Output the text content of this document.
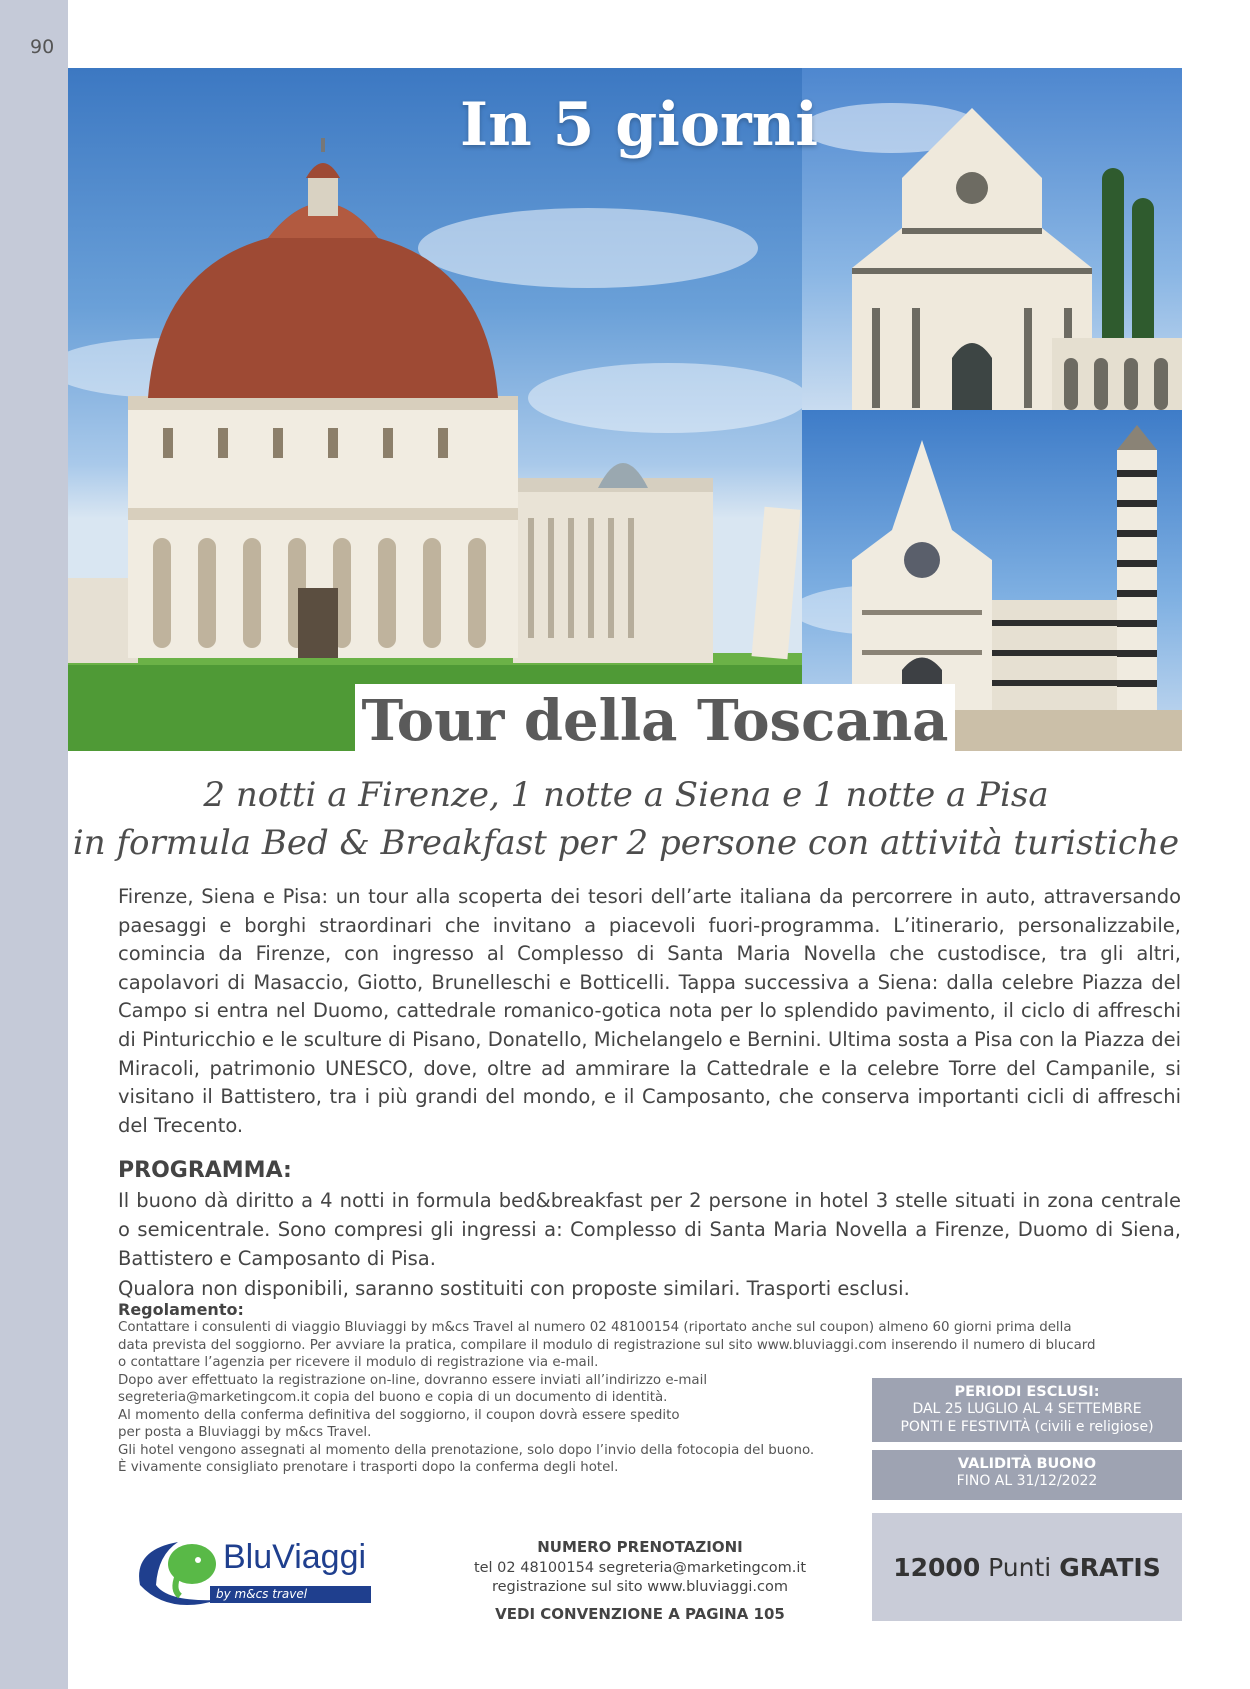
90
In 5 giorni
Tour della Toscana
2 notti a Firenze, 1 notte a Siena e 1 notte a Pisa
in formula Bed & Breakfast per 2 persone con attività turistiche
Firenze, Siena e Pisa: un tour alla scoperta dei tesori dell’arte italiana da percorrere in auto, attraversando paesaggi e borghi straordinari che invitano a piacevoli fuori-programma. L’itinerario, personalizzabile, comincia da Firenze, con ingresso al Complesso di Santa Maria Novella che custodisce, tra gli altri, capolavori di Masaccio, Giotto, Brunelleschi e Botticelli. Tappa successiva a Siena: dalla celebre Piazza del Campo si entra nel Duomo, cattedrale romanico-gotica nota per lo splendido pavimento, il ciclo di affreschi di Pinturicchio e le sculture di Pisano, Donatello, Michelangelo e Bernini. Ultima sosta a Pisa con la Piazza dei Miracoli, patrimonio UNESCO, dove, oltre ad ammirare la Cattedrale e la celebre Torre del Campanile, si visitano il Battistero, tra i più grandi del mondo, e il Camposanto, che conserva importanti cicli di affreschi del Trecento.
PROGRAMMA:
Il buono dà diritto a 4 notti in formula bed&breakfast per 2 persone in hotel 3 stelle situati in zona centrale o semicentrale. Sono compresi gli ingressi a: Complesso di Santa Maria Novella a Firenze, Duomo di Siena, Battistero e Camposanto di Pisa.
Qualora non disponibili, saranno sostituiti con proposte similari. Trasporti esclusi.
Regolamento:
Contattare i consulenti di viaggio Bluviaggi by m&cs Travel al numero 02 48100154 (riportato anche sul coupon) almeno 60 giorni prima della
data prevista del soggiorno. Per avviare la pratica, compilare il modulo di registrazione sul sito www.bluviaggi.com inserendo il numero di blucard
o contattare l’agenzia per ricevere il modulo di registrazione via e-mail.
Dopo aver effettuato la registrazione on-line, dovranno essere inviati all’indirizzo e-mail
segreteria@marketingcom.it copia del buono e copia di un documento di identità.
Al momento della conferma definitiva del soggiorno, il coupon dovrà essere spedito
per posta a Bluviaggi by m&cs Travel.
Gli hotel vengono assegnati al momento della prenotazione, solo dopo l’invio della fotocopia del buono.
È vivamente consigliato prenotare i trasporti dopo la conferma degli hotel.
PERIODI ESCLUSI:
DAL 25 LUGLIO AL 4 SETTEMBRE
PONTI E FESTIVITÀ (civili e religiose)
VALIDITÀ BUONO
FINO AL 31/12/2022
12000
Punti
GRATIS
BluViaggi
by m&cs travel
NUMERO PRENOTAZIONI
tel 02 48100154 segreteria@marketingcom.it
registrazione sul sito www.bluviaggi.com
VEDI CONVENZIONE A PAGINA 105
